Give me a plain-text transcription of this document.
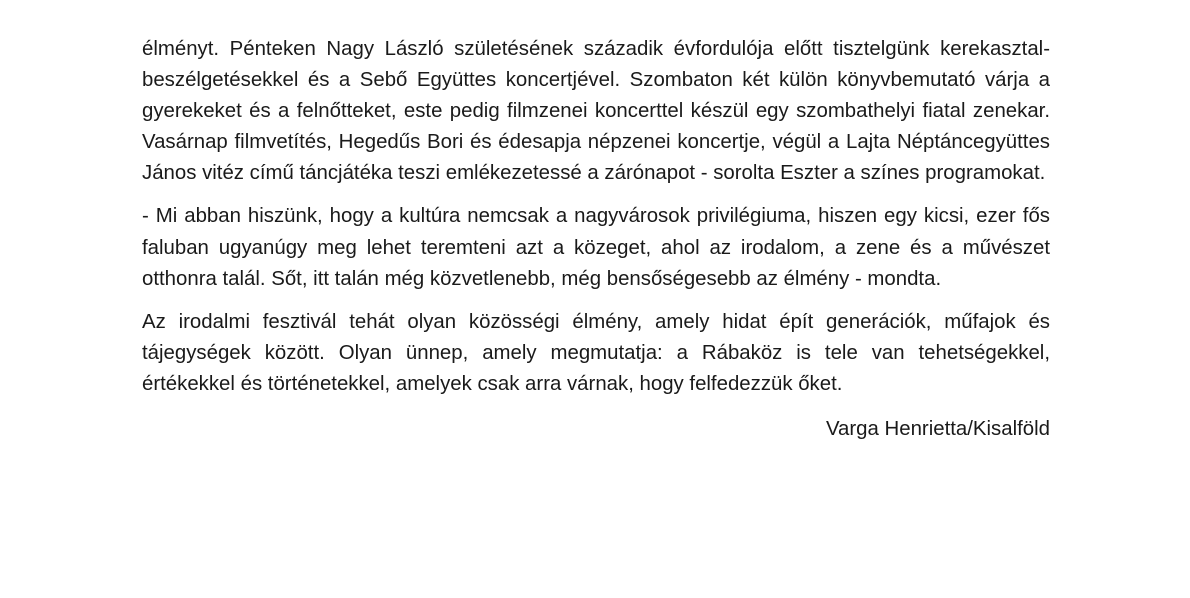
élményt. Pénteken Nagy László születésének századik évfordulója előtt tisztelgünk kerekasztal-beszélgetésekkel és a Sebő Együttes koncertjével. Szombaton két külön könyvbemutató várja a gyerekeket és a felnőtteket, este pedig filmzenei koncerttel készül egy szombathelyi fiatal zenekar. Vasárnap filmvetítés, Hegedűs Bori és édesapja népzenei koncertje, végül a Lajta Néptáncegyüttes János vitéz című táncjátéka teszi emlékezetessé a zárónapot - sorolta Eszter a színes programokat.

- Mi abban hiszünk, hogy a kultúra nemcsak a nagyvárosok privilégiuma, hiszen egy kicsi, ezer fős faluban ugyanúgy meg lehet teremteni azt a közeget, ahol az irodalom, a zene és a művészet otthonra talál. Sőt, itt talán még közvetlenebb, még bensőségesebb az élmény - mondta.

Az irodalmi fesztivál tehát olyan közösségi élmény, amely hidat épít generációk, műfajok és tájegységek között. Olyan ünnep, amely megmutatja: a Rábaköz is tele van tehetségekkel, értékekkel és történetekkel, amelyek csak arra várnak, hogy felfedezzük őket.

Varga Henrietta/Kisalföld
